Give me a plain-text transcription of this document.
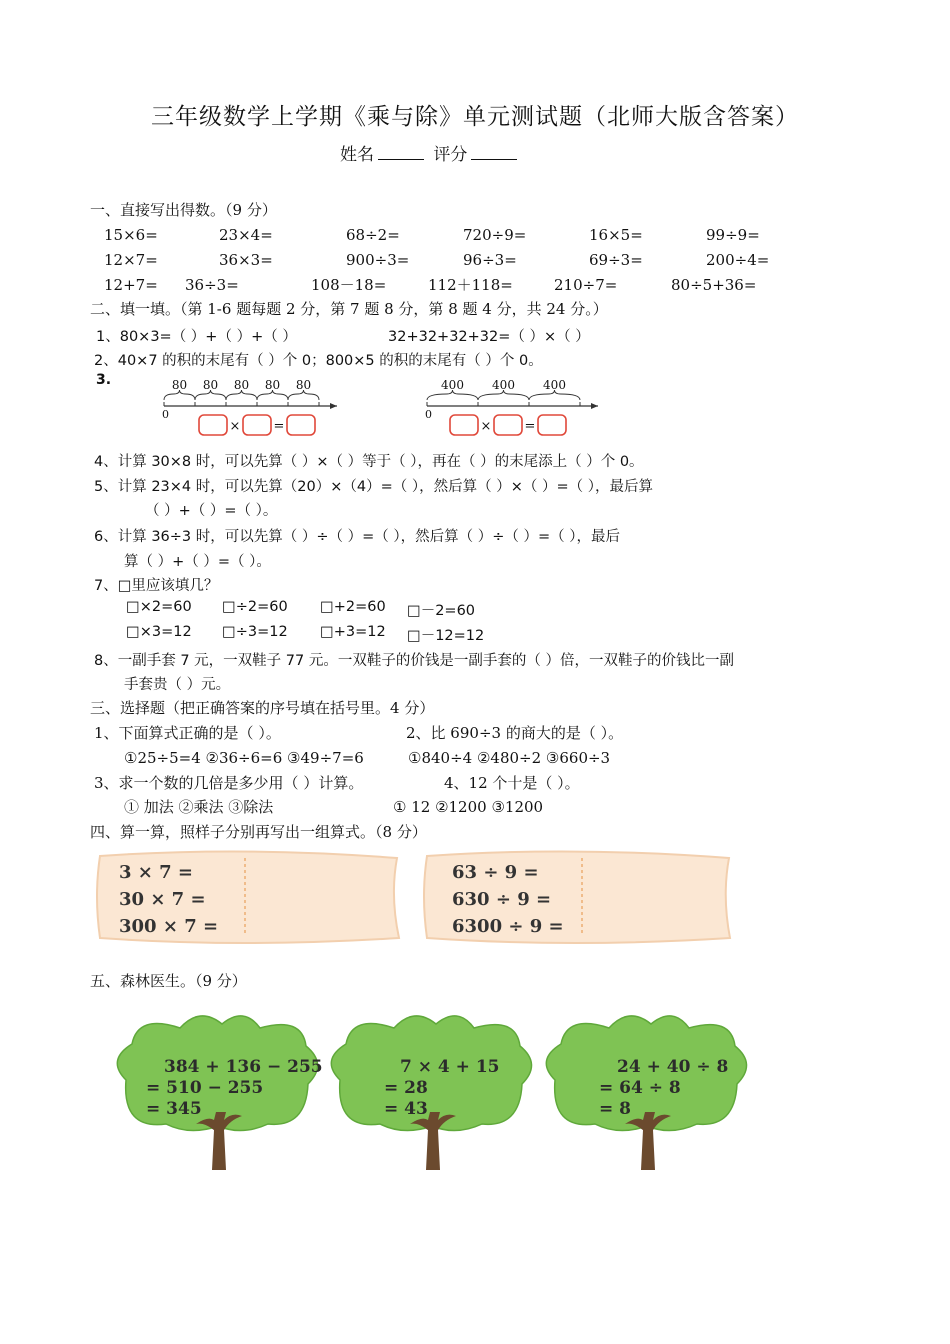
三年级数学上学期《乘与除》单元测试题（北师大版含答案）
姓名	评分
一、直接写出得数。（9 分）
15×6=	23×4=	68÷2=	720÷9=	16×5=	99÷9=
12×7=	36×3=	900÷3=	96÷3=	69÷3=	200÷4=
12+7= 36÷3=	108－18=	112＋118=	210÷7=	80÷5+36=
二、填一填。（第 1-6 题每题 2 分，第 7 题 8 分，第 8 题 4 分，共 24 分。）
1、80×3=（ ）+（ ）+（ ）	32+32+32+32=（ ）×（ ）
2、40×7 的积的末尾有（ ）个 0；800×5 的积的末尾有（ ）个 0。
3.	80 80 80 80 80
0
×	=
400 400 400
0
×	=
4、计算 30×8 时，可以先算（ ）×（ ）等于（ ），再在（ ）的末尾添上（ ）个 0。
5、计算 23×4 时，可以先算（20）×（4）=（ ），然后算（ ）×（ ）=（ ），最后算
（ ）+（ ）=（ ）。
6、计算 36÷3 时，可以先算（ ）÷（ ）=（ ），然后算（ ）÷（ ）=（ ），最后
算（ ）+（ ）=（ ）。
7、□里应该填几？
□×2=60 □÷2=60 □+2=60 □－2=60
□×3=12 □÷3=12 □+3=12 □－12=12
8、一副手套 7 元，一双鞋子 77 元。一双鞋子的价钱是一副手套的（ ）倍，一双鞋子的价钱比一副
手套贵（ ）元。
三、选择题（把正确答案的序号填在括号里。4 分）
1、下面算式正确的是（ ）。	2、比 690÷3 的商大的是（ ）。
①25÷5=4 ②36÷6=6 ③49÷7=6	①840÷4 ②480÷2 ③660÷3
3、求一个数的几倍是多少用（ ）计算。	4、12 个十是（ ）。
① 加法 ②乘法 ③除法	① 12 ②1200 ③1200
四、算一算，照样子分别再写出一组算式。（8 分）
3 × 7 =
30 × 7 =
300 × 7 =
63 ÷ 9 =
630 ÷ 9 =
6300 ÷ 9 =
五、森林医生。（9 分）
384 + 136 − 255
= 510 − 255
= 345
7 × 4 + 15
= 28
= 43
24 + 40 ÷ 8
= 64 ÷ 8
= 8
